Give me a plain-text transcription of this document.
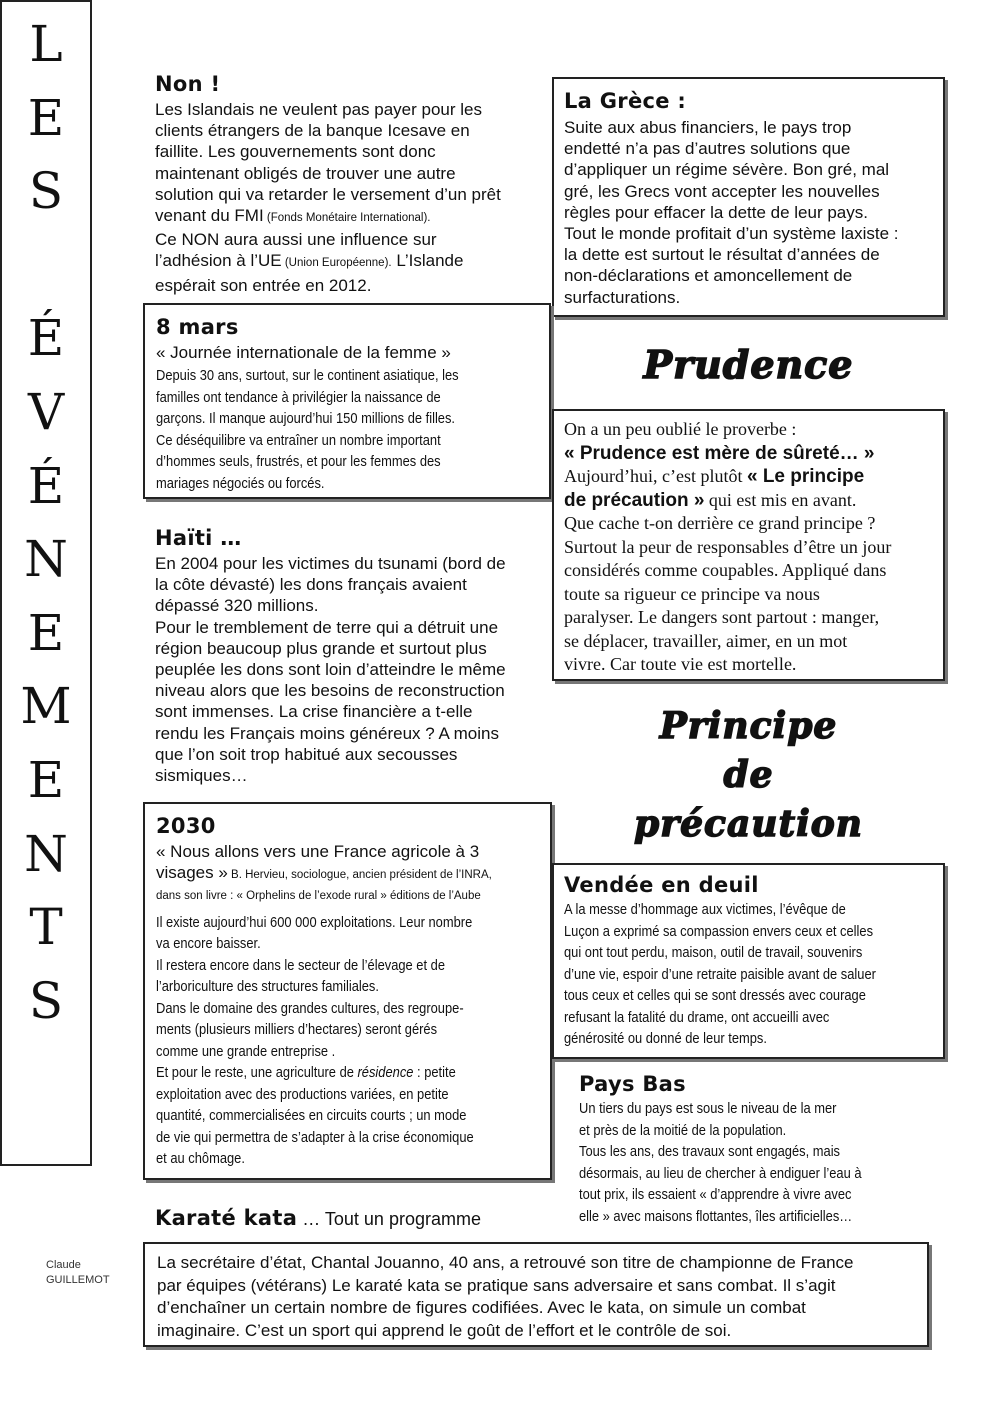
L
E
S

É
V
É
N
E
M
E
N
T
S
Claude
GUILLEMOT
Non !
Les Islandais ne veulent pas payer pour les
clients étrangers de la banque Icesave en
faillite. Les gouvernements sont donc
maintenant obligés de trouver une autre
solution qui va retarder le versement d’un prêt
venant du FMI (Fonds Monétaire International).
Ce NON aura aussi une influence sur
l’adhésion à l’UE (Union Européenne). L’Islande
espérait son entrée en 2012.
La Grèce :
Suite aux abus financiers, le pays trop
endetté n’a pas d’autres solutions que
d’appliquer un régime sévère. Bon gré, mal
gré, les Grecs vont accepter les nouvelles
règles pour effacer la dette de leur pays.
Tout le monde profitait d’un système laxiste :
la dette est surtout le résultat d’années de
non-déclarations et amoncellement de
surfacturations.
8 mars
« Journée internationale de la femme »
Depuis 30 ans, surtout, sur le continent asiatique, les
familles ont tendance à privilégier la naissance de
garçons. Il manque aujourd’hui 150 millions de filles.
Ce déséquilibre va entraîner un nombre important
d’hommes seuls, frustrés, et pour les femmes des
mariages négociés ou forcés.
Prudence
On a un peu oublié le proverbe :
« Prudence est mère de sûreté… »
Aujourd’hui, c’est plutôt « Le principe
de précaution » qui est mis en avant.
Que cache t-on derrière ce grand principe ?
Surtout la peur de responsables d’être un jour
considérés comme coupables. Appliqué dans
toute sa rigueur ce principe va nous
paralyser. Le dangers sont partout : manger,
se déplacer, travailler, aimer, en un mot
vivre. Car toute vie est mortelle.
Haïti …
En 2004 pour les victimes du tsunami (bord de
la côte dévasté) les dons français avaient
dépassé 320 millions.
Pour le tremblement de terre qui a détruit une
région beaucoup plus grande et surtout plus
peuplée les dons sont loin d’atteindre le même
niveau alors que les besoins de reconstruction
sont immenses. La crise financière a t-elle
rendu les Français moins généreux ? A moins
que l’on soit trop habitué aux secousses
sismiques…
Principe
de
précaution
2030
« Nous allons vers une France agricole à 3
visages » B. Hervieu, sociologue, ancien président de l’INRA,
dans son livre : « Orphelins de l’exode rural » éditions de l’Aube
Il existe aujourd’hui 600 000 exploitations. Leur nombre
va encore baisser.
Il restera encore dans le secteur de l’élevage et de
l’arboriculture des structures familiales.
Dans le domaine des grandes cultures, des regroupe-
ments (plusieurs milliers d’hectares) seront gérés
comme une grande entreprise .
Et pour le reste, une agriculture de résidence : petite
exploitation avec des productions variées, en petite
quantité, commercialisées en circuits courts ; un mode
de vie qui permettra de s’adapter à la crise économique
et au chômage.
Vendée en deuil
A la messe d’hommage aux victimes, l’évêque de
Luçon a exprimé sa compassion envers ceux et celles
qui ont tout perdu, maison, outil de travail, souvenirs
d’une vie, espoir d’une retraite paisible avant de saluer
tous ceux et celles qui se sont dressés avec courage
refusant la fatalité du drame, ont accueilli avec
générosité ou donné de leur temps.
Pays Bas
Un tiers du pays est sous le niveau de la mer
et près de la moitié de la population.
Tous les ans, des travaux sont engagés, mais
désormais, au lieu de chercher à endiguer l’eau à
tout prix, ils essaient « d’apprendre à vivre avec
elle » avec maisons flottantes, îles artificielles…
Karaté kata … Tout un programme
La secrétaire d’état, Chantal Jouanno, 40 ans, a retrouvé son titre de championne de France
par équipes (vétérans) Le karaté kata se pratique sans adversaire et sans combat. Il s’agit
d’enchaîner un certain nombre de figures codifiées. Avec le kata, on simule un combat
imaginaire. C’est un sport qui apprend le goût de l’effort et le contrôle de soi.
